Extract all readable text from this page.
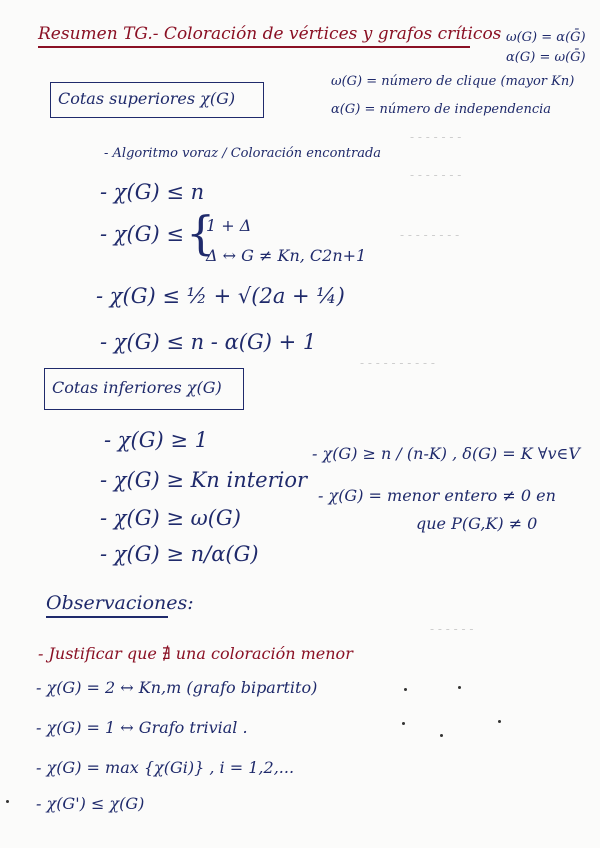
Resumen TG.- Coloración de vértices y grafos críticos ω(G) = α(Ḡ)
α(G) = ω(Ḡ)
ω(G) = número de clique (mayor Kn)
α(G) = número de independencia
Cotas superiores χ(G)
- Algoritmo voraz / Coloración encontrada
- χ(G) ≤ n
- χ(G) ≤ {
1 + Δ
Δ ↔ G ≠ Kn, C2n+1
- χ(G) ≤ ½ + √(2a + ¼)
- χ(G) ≤ n - α(G) + 1
Cotas inferiores χ(G)
- χ(G) ≥ 1
- χ(G) ≥ Kn interior
- χ(G) ≥ ω(G)
- χ(G) ≥ n/α(G)
- χ(G) ≥ n / (n-K) , δ(G) = K ∀v∈V
- χ(G) = menor entero ≠ 0 en
que P(G,K) ≠ 0
Observaciones:
- Justificar que ∄ una coloración menor
- χ(G) = 2 ↔ Kn,m (grafo bipartito)
- χ(G) = 1 ↔ Grafo trivial .
- χ(G) = max {χ(Gi)} , i = 1,2,...
- χ(G') ≤ χ(G)
- - - - - - -
- - - - - - -
- - - - - - - -
- - - - - - - - - -
- - - - - -
